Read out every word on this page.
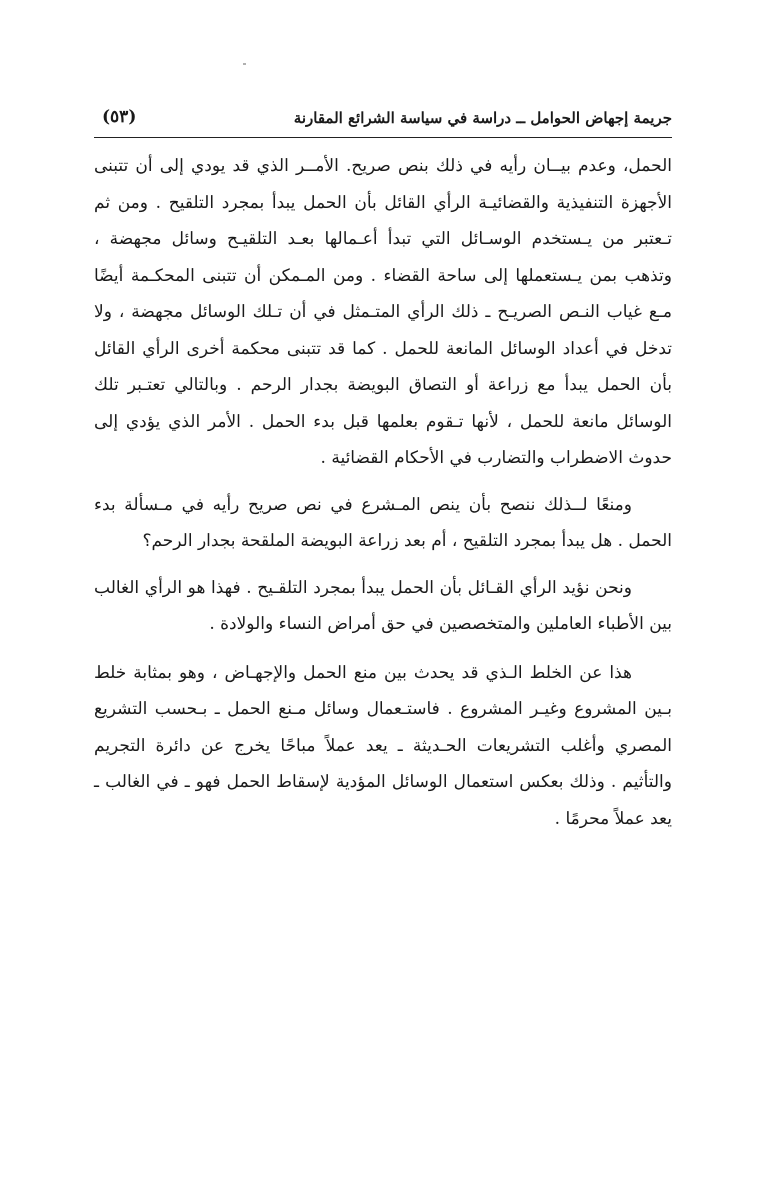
جريمة إجهاض الحوامل ــ دراسة في سياسة الشرائع المقارنة
(٥٣)

الحمل، وعدم بيــان رأيه في ذلك بنص صريح. الأمــر الذي قد يودي إلى أن تتبنى الأجهزة التنفيذية والقضائيـة الرأي القائل بأن الحمل يبدأ بمجرد التلقيح . ومن ثم تـعتبر من يـستخدم الوسـائل التي تبدأ أعـمالها بعـد التلقيـح وسائل مجهضة ، وتذهب بمن يـستعملها إلى ساحة القضاء . ومن المـمكن أن تتبنى المحكـمة أيضًا مـع غياب النـص الصريـح ـ ذلك الرأي المتـمثل في أن تـلك الوسائل مجهضة ، ولا تدخل في أعداد الوسائل المانعة للحمل . كما قد تتبنى محكمة أخرى الرأي القائل بأن الحمل يبدأ مع زراعة أو التصاق البويضة بجدار الرحم . وبالتالي تعتـبر تلك الوسائل مانعة للحمل ، لأنها تـقوم بعلمها قبل بدء الحمل . الأمر الذي يؤدي إلى حدوث الاضطراب والتضارب في الأحكام القضائية .

ومنعًا لــذلك ننصح بأن ينص المـشرع في نص صريح رأيه في مـسألة بدء الحمل . هل يبدأ بمجرد التلقيح ، أم بعد زراعة البويضة الملقحة بجدار الرحم؟

ونحن نؤيد الرأي القـائل بأن الحمل يبدأ بمجرد التلقـيح . فهذا هو الرأي الغالب بين الأطباء العاملين والمتخصصين في حق أمراض النساء والولادة .

هذا عن الخلط الـذي قد يحدث بين منع الحمل والإجهـاض ، وهو بمثابة خلط بـين المشروع وغيـر المشروع . فاستـعمال وسائل مـنع الحمل ـ بـحسب التشريع المصري وأغلب التشريعات الحـديثة ـ يعد عملاً مباحًا يخرج عن دائرة التجريم والتأثيم . وذلك بعكس استعمال الوسائل المؤدية لإسقاط الحمل فهو ـ في الغالب ـ يعد عملاً محرمًا .
